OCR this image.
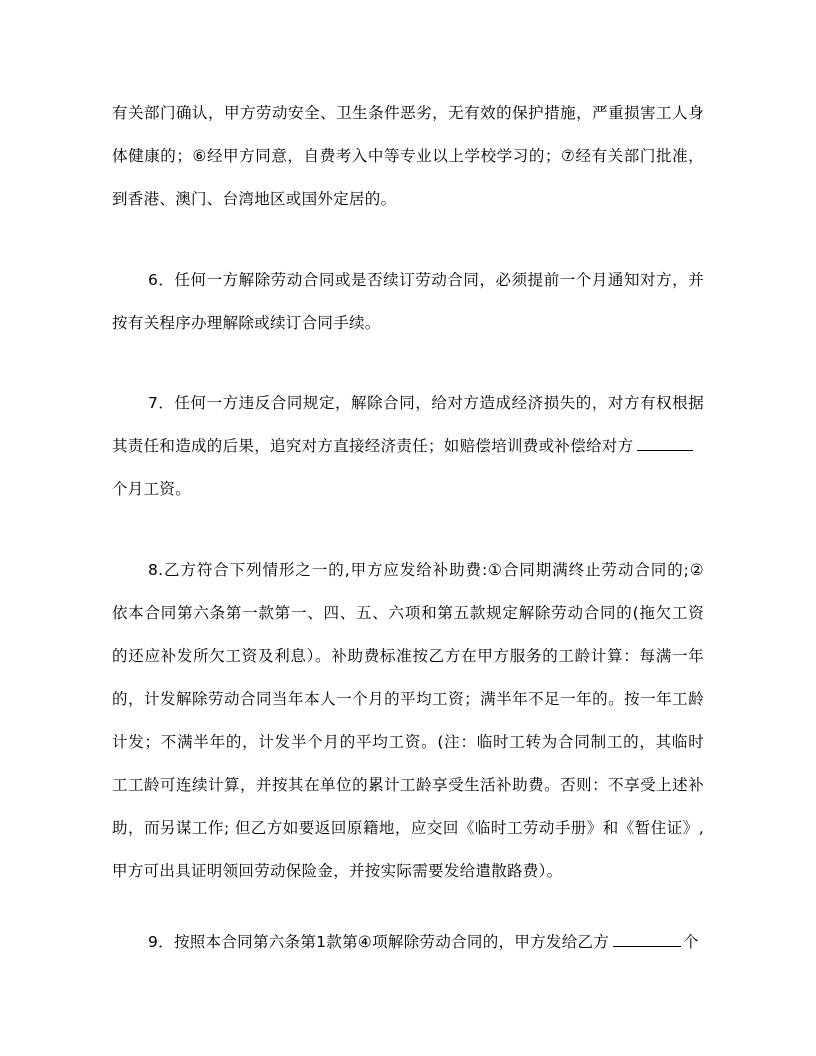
有关部门确认，甲方劳动安全、卫生条件恶劣，无有效的保护措施，严重损害工人身
体健康的；⑥经甲方同意，自费考入中等专业以上学校学习的；⑦经有关部门批准，
到香港、澳门、台湾地区或国外定居的。
6．任何一方解除劳动合同或是否续订劳动合同，必须提前一个月通知对方，并
按有关程序办理解除或续订合同手续。
7．任何一方违反合同规定，解除合同，给对方造成经济损失的，对方有权根据
其责任和造成的后果，追究对方直接经济责任；如赔偿培训费或补偿给对方
个月工资。
8.乙方符合下列情形之一的,甲方应发给补助费:①合同期满终止劳动合同的;②
依本合同第六条第一款第一、四、五、六项和第五款规定解除劳动合同的(拖欠工资
的还应补发所欠工资及利息）。补助费标准按乙方在甲方服务的工龄计算：每满一年
的，计发解除劳动合同当年本人一个月的平均工资；满半年不足一年的。按一年工龄
计发；不满半年的，计发半个月的平均工资。(注：临时工转为合同制工的，其临时
工工龄可连续计算，并按其在单位的累计工龄享受生活补助费。否则：不享受上述补
助，而另谋工作; 但乙方如要返回原籍地，应交回《临时工劳动手册》和《暂住证》,
甲方可出具证明领回劳动保险金，并按实际需要发给遣散路费）。
9．按照本合同第六条第1款第④项解除劳动合同的，甲方发给乙方	个
